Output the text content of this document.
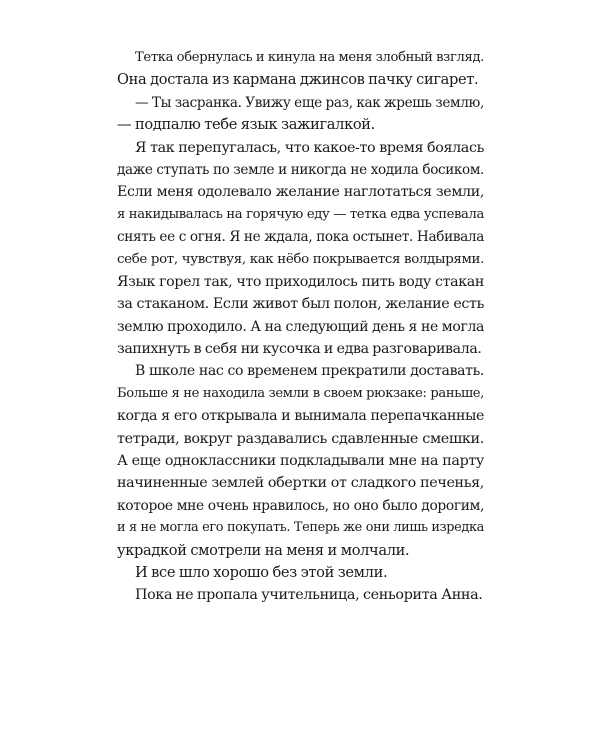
Тетка обернулась и кинула на меня злобный взгляд.
Она достала из кармана джинсов пачку сигарет.
— Ты засранка. Увижу еще раз, как жрешь землю,
— подпалю тебе язык зажигалкой.
Я так перепугалась, что какое-то время боялась
даже ступать по земле и никогда не ходила босиком.
Если меня одолевало желание наглотаться земли,
я накидывалась на горячую еду — тетка едва успевала
снять ее с огня. Я не ждала, пока остынет. Набивала
себе рот, чувствуя, как нёбо покрывается волдырями.
Язык горел так, что приходилось пить воду стакан
за стаканом. Если живот был полон, желание есть
землю проходило. А на следующий день я не могла
запихнуть в себя ни кусочка и едва разговаривала.
В школе нас со временем прекратили доставать.
Больше я не находила земли в своем рюкзаке: раньше,
когда я его открывала и вынимала перепачканные
тетради, вокруг раздавались сдавленные смешки.
А еще одноклассники подкладывали мне на парту
начиненные землей обертки от сладкого печенья,
которое мне очень нравилось, но оно было дорогим,
и я не могла его покупать. Теперь же они лишь изредка
украдкой смотрели на меня и молчали.
И все шло хорошо без этой земли.
Пока не пропала учительница, сеньорита Анна.
